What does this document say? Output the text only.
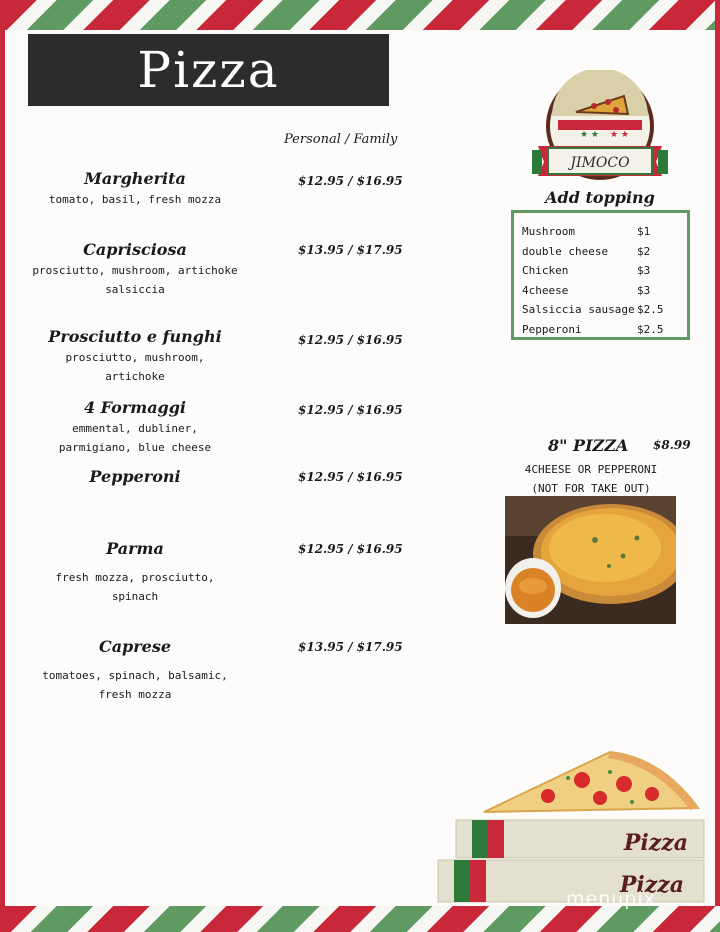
Pizza
Personal / Family
Margherita
tomato, basil, fresh mozza
$12.95 / $16.95
Caprisciosa
prosciutto, mushroom, artichoke
salsiccia
$13.95 / $17.95
Prosciutto e funghi
prosciutto, mushroom,
artichoke
$12.95 / $16.95
4 Formaggi
emmental, dubliner,
parmigiano, blue cheese
$12.95 / $16.95
Pepperoni	$12.95 / $16.95
Parma
fresh mozza, prosciutto,
spinach
$12.95 / $16.95
Caprese
tomatoes, spinach, balsamic,
fresh mozza
$13.95 / $17.95
★ ★ ★ ★
JIMOCO
Add topping
Mushroom	$1
double cheese	$2
Chicken	$3
4cheese	$3
Salsiccia sausage $2.5
Pepperoni	$2.5
8" PIZZA $8.99
4CHEESE OR PEPPERONI
(NOT FOR TAKE OUT)
Pizza
Pizza
menupix
